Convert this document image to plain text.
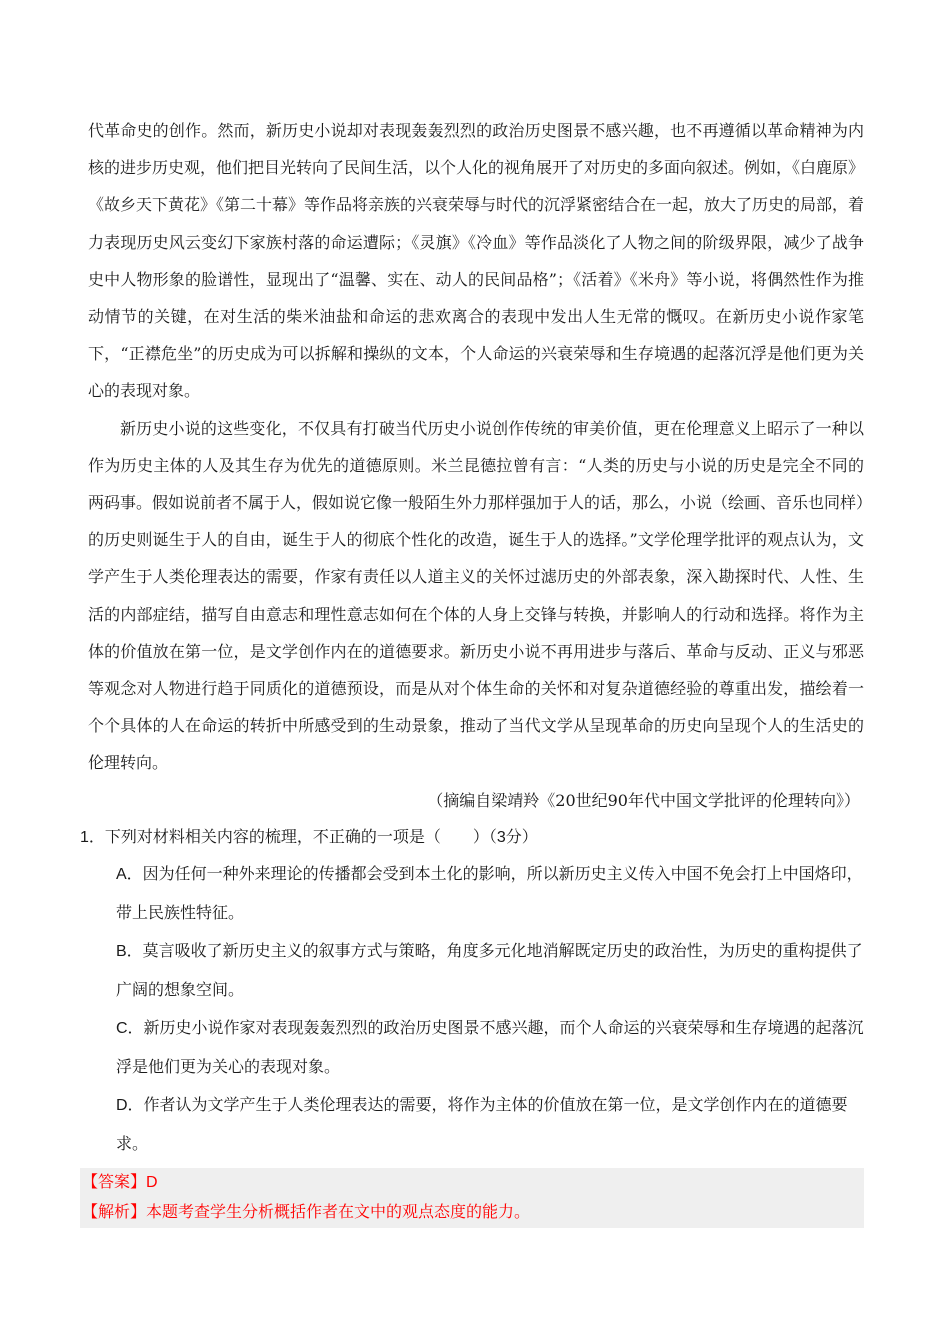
代革命史的创作。然而，新历史小说却对表现轰轰烈烈的政治历史图景不感兴趣，也不再遵循以革命精神为内核的进步历史观，他们把目光转向了民间生活，以个人化的视角展开了对历史的多面向叙述。例如，《白鹿原》《故乡天下黄花》《第二十幕》等作品将亲族的兴衰荣辱与时代的沉浮紧密结合在一起，放大了历史的局部，着力表现历史风云变幻下家族村落的命运遭际；《灵旗》《冷血》等作品淡化了人物之间的阶级界限，减少了战争史中人物形象的脸谱性，显现出了“温馨、实在、动人的民间品格”；《活着》《米舟》等小说，将偶然性作为推动情节的关键，在对生活的柴米油盐和命运的悲欢离合的表现中发出人生无常的慨叹。在新历史小说作家笔下，“正襟危坐”的历史成为可以拆解和操纵的文本，个人命运的兴衰荣辱和生存境遇的起落沉浮是他们更为关心的表现对象。

新历史小说的这些变化，不仅具有打破当代历史小说创作传统的审美价值，更在伦理意义上昭示了一种以作为历史主体的人及其生存为优先的道德原则。米兰昆德拉曾有言：“人类的历史与小说的历史是完全不同的两码事。假如说前者不属于人，假如说它像一般陌生外力那样强加于人的话，那么，小说（绘画、音乐也同样）的历史则诞生于人的自由，诞生于人的彻底个性化的改造，诞生于人的选择。”文学伦理学批评的观点认为，文学产生于人类伦理表达的需要，作家有责任以人道主义的关怀过滤历史的外部表象，深入勘探时代、人性、生活的内部症结，描写自由意志和理性意志如何在个体的人身上交锋与转换，并影响人的行动和选择。将作为主体的价值放在第一位，是文学创作内在的道德要求。新历史小说不再用进步与落后、革命与反动、正义与邪恶等观念对人物进行趋于同质化的道德预设，而是从对个体生命的关怀和对复杂道德经验的尊重出发，描绘着一个个具体的人在命运的转折中所感受到的生动景象，推动了当代文学从呈现革命的历史向呈现个人的生活史的伦理转向。

（摘编自梁靖羚《20世纪90年代中国文学批评的伦理转向》）

1．下列对材料相关内容的梳理，不正确的一项是（　　）（3分）

A．因为任何一种外来理论的传播都会受到本土化的影响，所以新历史主义传入中国不免会打上中国烙印，带上民族性特征。

B．莫言吸收了新历史主义的叙事方式与策略，角度多元化地消解既定历史的政治性，为历史的重构提供了广阔的想象空间。

C．新历史小说作家对表现轰轰烈烈的政治历史图景不感兴趣，而个人命运的兴衰荣辱和生存境遇的起落沉浮是他们更为关心的表现对象。

D．作者认为文学产生于人类伦理表达的需要，将作为主体的价值放在第一位，是文学创作内在的道德要求。

【答案】D

【解析】本题考查学生分析概括作者在文中的观点态度的能力。
